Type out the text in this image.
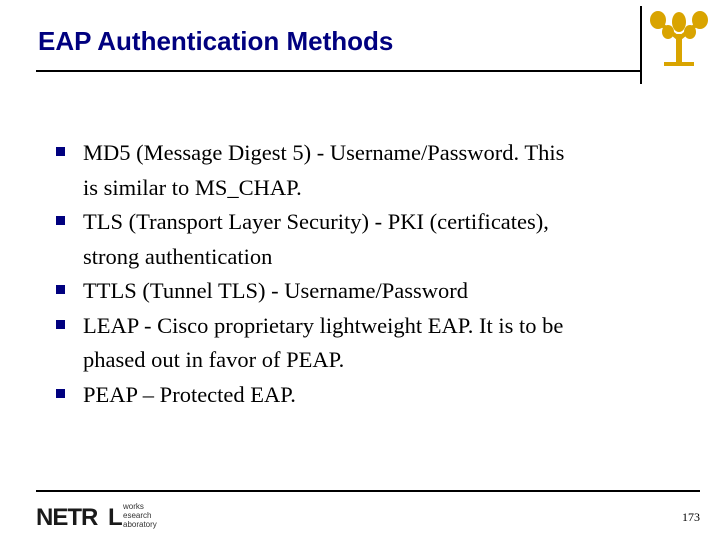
EAP Authentication Methods
MD5 (Message Digest 5) - Username/Password. This
is similar to MS_CHAP.
TLS (Transport Layer Security) - PKI (certificates),
strong authentication
TTLS (Tunnel TLS) - Username/Password
LEAP - Cisco proprietary lightweight EAP. It is to be
phased out in favor of PEAP.
PEAP – Protected EAP.
NETR	works
esearch
L aboratory
173
